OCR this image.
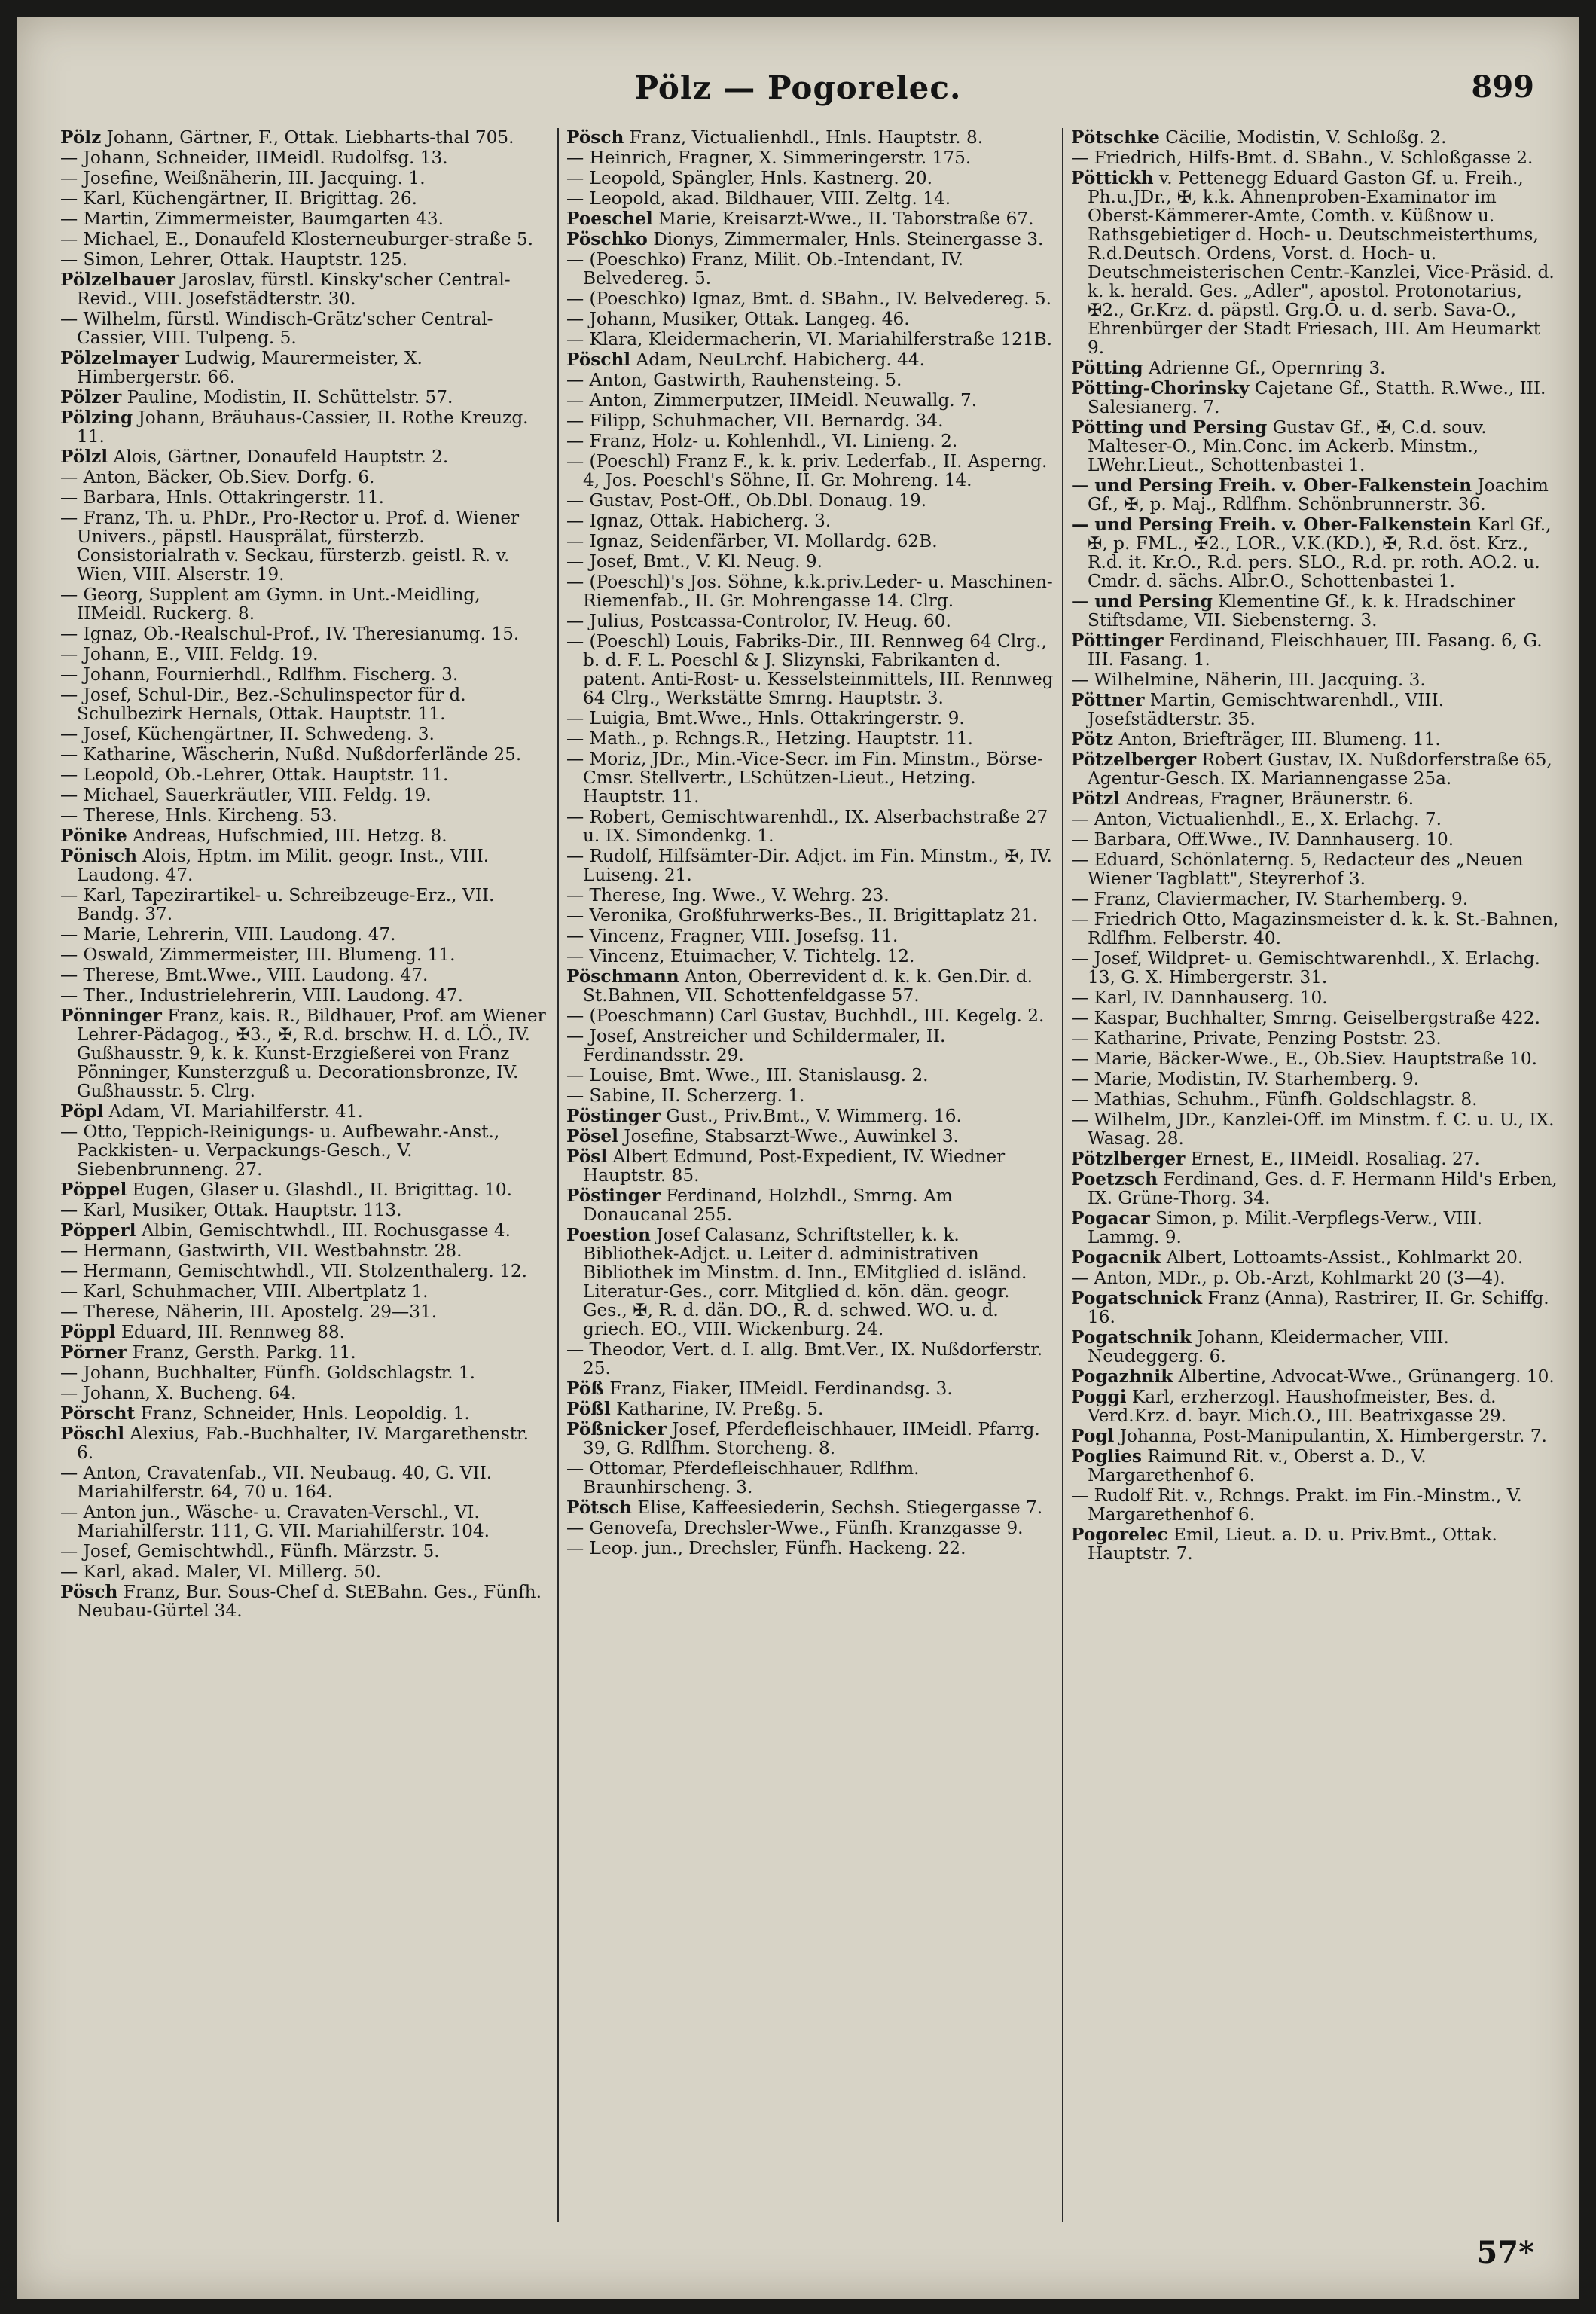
Pölz — Pogorelec.	899

Pölz Johann, Gärtner, F., Ottak. Liebharts-thal 705.

— Johann, Schneider, IIMeidl. Rudolfsg. 13.

— Josefine, Weißnäherin, III. Jacquing. 1.

— Karl, Küchengärtner, II. Brigittag. 26.

— Martin, Zimmermeister, Baumgarten 43.

— Michael, E., Donaufeld Klosterneuburger-straße 5.

— Simon, Lehrer, Ottak. Hauptstr. 125.

Pölzelbauer Jaroslav, fürstl. Kinsky'scher Central-Revid., VIII. Josefstädterstr. 30.

— Wilhelm, fürstl. Windisch-Grätz'scher Central-Cassier, VIII. Tulpeng. 5.

Pölzelmayer Ludwig, Maurermeister, X. Himbergerstr. 66.

Pölzer Pauline, Modistin, II. Schüttelstr. 57.

Pölzing Johann, Bräuhaus-Cassier, II. Rothe Kreuzg. 11.

Pölzl Alois, Gärtner, Donaufeld Hauptstr. 2.

— Anton, Bäcker, Ob.Siev. Dorfg. 6.

— Barbara, Hnls. Ottakringerstr. 11.

— Franz, Th. u. PhDr., Pro-Rector u. Prof. d. Wiener Univers., päpstl. Hausprälat, fürsterzb. Consistorialrath v. Seckau, fürsterzb. geistl. R. v. Wien, VIII. Alserstr. 19.

— Georg, Supplent am Gymn. in Unt.-Meidling, IIMeidl. Ruckerg. 8.

— Ignaz, Ob.-Realschul-Prof., IV. Theresianumg. 15.

— Johann, E., VIII. Feldg. 19.

— Johann, Fournierhdl., Rdlfhm. Fischerg. 3.

— Josef, Schul-Dir., Bez.-Schulinspector für d. Schulbezirk Hernals, Ottak. Hauptstr. 11.

— Josef, Küchengärtner, II. Schwedeng. 3.

— Katharine, Wäscherin, Nußd. Nußdorferlände 25.

— Leopold, Ob.-Lehrer, Ottak. Hauptstr. 11.

— Michael, Sauerkräutler, VIII. Feldg. 19.

— Therese, Hnls. Kircheng. 53.

Pönike Andreas, Hufschmied, III. Hetzg. 8.

Pönisch Alois, Hptm. im Milit. geogr. Inst., VIII. Laudong. 47.

— Karl, Tapezirartikel- u. Schreibzeuge-Erz., VII. Bandg. 37.

— Marie, Lehrerin, VIII. Laudong. 47.

— Oswald, Zimmermeister, III. Blumeng. 11.

— Therese, Bmt.Wwe., VIII. Laudong. 47.

— Ther., Industrielehrerin, VIII. Laudong. 47.

Pönninger Franz, kais. R., Bildhauer, Prof. am Wiener Lehrer-Pädagog., ✠3., ✠, R.d. brschw. H. d. LÖ., IV. Gußhausstr. 9, k. k. Kunst-Erzgießerei von Franz Pönninger, Kunsterzguß u. Decorationsbronze, IV. Gußhausstr. 5. Clrg.

Pöpl Adam, VI. Mariahilferstr. 41.

— Otto, Teppich-Reinigungs- u. Aufbewahr.-Anst., Packkisten- u. Verpackungs-Gesch., V. Siebenbrunneng. 27.

Pöppel Eugen, Glaser u. Glashdl., II. Brigittag. 10.

— Karl, Musiker, Ottak. Hauptstr. 113.

Pöpperl Albin, Gemischtwhdl., III. Rochusgasse 4.

— Hermann, Gastwirth, VII. Westbahnstr. 28.

— Hermann, Gemischtwhdl., VII. Stolzenthalerg. 12.

— Karl, Schuhmacher, VIII. Albertplatz 1.

— Therese, Näherin, III. Apostelg. 29—31.

Pöppl Eduard, III. Rennweg 88.

Pörner Franz, Gersth. Parkg. 11.

— Johann, Buchhalter, Fünfh. Goldschlagstr. 1.

— Johann, X. Bucheng. 64.

Pörscht Franz, Schneider, Hnls. Leopoldig. 1.

Pöschl Alexius, Fab.-Buchhalter, IV. Margarethenstr. 6.

— Anton, Cravatenfab., VII. Neubaug. 40, G. VII. Mariahilferstr. 64, 70 u. 164.

— Anton jun., Wäsche- u. Cravaten-Verschl., VI. Mariahilferstr. 111, G. VII. Mariahilferstr. 104.

— Josef, Gemischtwhdl., Fünfh. Märzstr. 5.

— Karl, akad. Maler, VI. Millerg. 50.

Pösch Franz, Bur. Sous-Chef d. StEBahn. Ges., Fünfh. Neubau-Gürtel 34.

Pösch Franz, Victualienhdl., Hnls. Hauptstr. 8.

— Heinrich, Fragner, X. Simmeringerstr. 175.

— Leopold, Spängler, Hnls. Kastnerg. 20.

— Leopold, akad. Bildhauer, VIII. Zeltg. 14.

Poeschel Marie, Kreisarzt-Wwe., II. Taborstraße 67.

Pöschko Dionys, Zimmermaler, Hnls. Steinergasse 3.

— (Poeschko) Franz, Milit. Ob.-Intendant, IV. Belvedereg. 5.

— (Poeschko) Ignaz, Bmt. d. SBahn., IV. Belvedereg. 5.

— Johann, Musiker, Ottak. Langeg. 46.

— Klara, Kleidermacherin, VI. Mariahilferstraße 121B.

Pöschl Adam, NeuLrchf. Habicherg. 44.

— Anton, Gastwirth, Rauhensteing. 5.

— Anton, Zimmerputzer, IIMeidl. Neuwallg. 7.

— Filipp, Schuhmacher, VII. Bernardg. 34.

— Franz, Holz- u. Kohlenhdl., VI. Linieng. 2.

— (Poeschl) Franz F., k. k. priv. Lederfab., II. Asperng. 4, Jos. Poeschl's Söhne, II. Gr. Mohreng. 14.

— Gustav, Post-Off., Ob.Dbl. Donaug. 19.

— Ignaz, Ottak. Habicherg. 3.

— Ignaz, Seidenfärber, VI. Mollardg. 62B.

— Josef, Bmt., V. Kl. Neug. 9.

— (Poeschl)'s Jos. Söhne, k.k.priv.Leder- u. Maschinen-Riemenfab., II. Gr. Mohrengasse 14. Clrg.

— Julius, Postcassa-Controlor, IV. Heug. 60.

— (Poeschl) Louis, Fabriks-Dir., III. Rennweg 64 Clrg., b. d. F. L. Poeschl & J. Slizynski, Fabrikanten d. patent. Anti-Rost- u. Kesselsteinmittels, III. Rennweg 64 Clrg., Werkstätte Smrng. Hauptstr. 3.

— Luigia, Bmt.Wwe., Hnls. Ottakringerstr. 9.

— Math., p. Rchngs.R., Hetzing. Hauptstr. 11.

— Moriz, JDr., Min.-Vice-Secr. im Fin. Minstm., Börse-Cmsr. Stellvertr., LSchützen-Lieut., Hetzing. Hauptstr. 11.

— Robert, Gemischtwarenhdl., IX. Alserbachstraße 27 u. IX. Simondenkg. 1.

— Rudolf, Hilfsämter-Dir. Adjct. im Fin. Minstm., ✠, IV. Luiseng. 21.

— Therese, Ing. Wwe., V. Wehrg. 23.

— Veronika, Großfuhrwerks-Bes., II. Brigittaplatz 21.

— Vincenz, Fragner, VIII. Josefsg. 11.

— Vincenz, Etuimacher, V. Tichtelg. 12.

Pöschmann Anton, Oberrevident d. k. k. Gen.Dir. d. St.Bahnen, VII. Schottenfeldgasse 57.

— (Poeschmann) Carl Gustav, Buchhdl., III. Kegelg. 2.

— Josef, Anstreicher und Schildermaler, II. Ferdinandsstr. 29.

— Louise, Bmt. Wwe., III. Stanislausg. 2.

— Sabine, II. Scherzerg. 1.

Pöstinger Gust., Priv.Bmt., V. Wimmerg. 16.

Pösel Josefine, Stabsarzt-Wwe., Auwinkel 3.

Pösl Albert Edmund, Post-Expedient, IV. Wiedner Hauptstr. 85.

Pöstinger Ferdinand, Holzhdl., Smrng. Am Donaucanal 255.

Poestion Josef Calasanz, Schriftsteller, k. k. Bibliothek-Adjct. u. Leiter d. administrativen Bibliothek im Minstm. d. Inn., EMitglied d. isländ. Literatur-Ges., corr. Mitglied d. kön. dän. geogr. Ges., ✠, R. d. dän. DO., R. d. schwed. WO. u. d. griech. EO., VIII. Wickenburg. 24.

— Theodor, Vert. d. I. allg. Bmt.Ver., IX. Nußdorferstr. 25.

Pöß Franz, Fiaker, IIMeidl. Ferdinandsg. 3.

Pößl Katharine, IV. Preßg. 5.

Pößnicker Josef, Pferdefleischhauer, IIMeidl. Pfarrg. 39, G. Rdlfhm. Storcheng. 8.

— Ottomar, Pferdefleischhauer, Rdlfhm. Braunhirscheng. 3.

Pötsch Elise, Kaffeesiederin, Sechsh. Stiegergasse 7.

— Genovefa, Drechsler-Wwe., Fünfh. Kranzgasse 9.

— Leop. jun., Drechsler, Fünfh. Hackeng. 22.

Pötschke Cäcilie, Modistin, V. Schloßg. 2.

— Friedrich, Hilfs-Bmt. d. SBahn., V. Schloßgasse 2.

Pöttickh v. Pettenegg Eduard Gaston Gf. u. Freih., Ph.u.JDr., ✠, k.k. Ahnenproben-Examinator im Oberst-Kämmerer-Amte, Comth. v. Küßnow u. Rathsgebietiger d. Hoch- u. Deutschmeisterthums, R.d.Deutsch. Ordens, Vorst. d. Hoch- u. Deutschmeisterischen Centr.-Kanzlei, Vice-Präsid. d. k. k. herald. Ges. „Adler", apostol. Protonotarius, ✠2., Gr.Krz. d. päpstl. Grg.O. u. d. serb. Sava-O., Ehrenbürger der Stadt Friesach, III. Am Heumarkt 9.

Pötting Adrienne Gf., Opernring 3.

Pötting-Chorinsky Cajetane Gf., Statth. R.Wwe., III. Salesianerg. 7.

Pötting und Persing Gustav Gf., ✠, C.d. souv. Malteser-O., Min.Conc. im Ackerb. Minstm., LWehr.Lieut., Schottenbastei 1.

— und Persing Freih. v. Ober-Falkenstein Joachim Gf., ✠, p. Maj., Rdlfhm. Schönbrunnerstr. 36.

— und Persing Freih. v. Ober-Falkenstein Karl Gf., ✠, p. FML., ✠2., LOR., V.K.(KD.), ✠, R.d. öst. Krz., R.d. it. Kr.O., R.d. pers. SLO., R.d. pr. roth. AO.2. u. Cmdr. d. sächs. Albr.O., Schottenbastei 1.

— und Persing Klementine Gf., k. k. Hradschiner Stiftsdame, VII. Siebensterng. 3.

Pöttinger Ferdinand, Fleischhauer, III. Fasang. 6, G. III. Fasang. 1.

— Wilhelmine, Näherin, III. Jacquing. 3.

Pöttner Martin, Gemischtwarenhdl., VIII. Josefstädterstr. 35.

Pötz Anton, Briefträger, III. Blumeng. 11.

Pötzelberger Robert Gustav, IX. Nußdorferstraße 65, Agentur-Gesch. IX. Mariannengasse 25a.

Pötzl Andreas, Fragner, Bräunerstr. 6.

— Anton, Victualienhdl., E., X. Erlachg. 7.

— Barbara, Off.Wwe., IV. Dannhauserg. 10.

— Eduard, Schönlaterng. 5, Redacteur des „Neuen Wiener Tagblatt", Steyrerhof 3.

— Franz, Claviermacher, IV. Starhemberg. 9.

— Friedrich Otto, Magazinsmeister d. k. k. St.-Bahnen, Rdlfhm. Felberstr. 40.

— Josef, Wildpret- u. Gemischtwarenhdl., X. Erlachg. 13, G. X. Himbergerstr. 31.

— Karl, IV. Dannhauserg. 10.

— Kaspar, Buchhalter, Smrng. Geiselbergstraße 422.

— Katharine, Private, Penzing Poststr. 23.

— Marie, Bäcker-Wwe., E., Ob.Siev. Hauptstraße 10.

— Marie, Modistin, IV. Starhemberg. 9.

— Mathias, Schuhm., Fünfh. Goldschlagstr. 8.

— Wilhelm, JDr., Kanzlei-Off. im Minstm. f. C. u. U., IX. Wasag. 28.

Pötzlberger Ernest, E., IIMeidl. Rosaliag. 27.

Poetzsch Ferdinand, Ges. d. F. Hermann Hild's Erben, IX. Grüne-Thorg. 34.

Pogacar Simon, p. Milit.-Verpflegs-Verw., VIII. Lammg. 9.

Pogacnik Albert, Lottoamts-Assist., Kohlmarkt 20.

— Anton, MDr., p. Ob.-Arzt, Kohlmarkt 20 (3—4).

Pogatschnick Franz (Anna), Rastrirer, II. Gr. Schiffg. 16.

Pogatschnik Johann, Kleidermacher, VIII. Neudeggerg. 6.

Pogazhnik Albertine, Advocat-Wwe., Grünangerg. 10.

Poggi Karl, erzherzogl. Haushofmeister, Bes. d. Verd.Krz. d. bayr. Mich.O., III. Beatrixgasse 29.

Pogl Johanna, Post-Manipulantin, X. Himbergerstr. 7.

Poglies Raimund Rit. v., Oberst a. D., V. Margarethenhof 6.

— Rudolf Rit. v., Rchngs. Prakt. im Fin.-Minstm., V. Margarethenhof 6.

Pogorelec Emil, Lieut. a. D. u. Priv.Bmt., Ottak. Hauptstr. 7.

57*
